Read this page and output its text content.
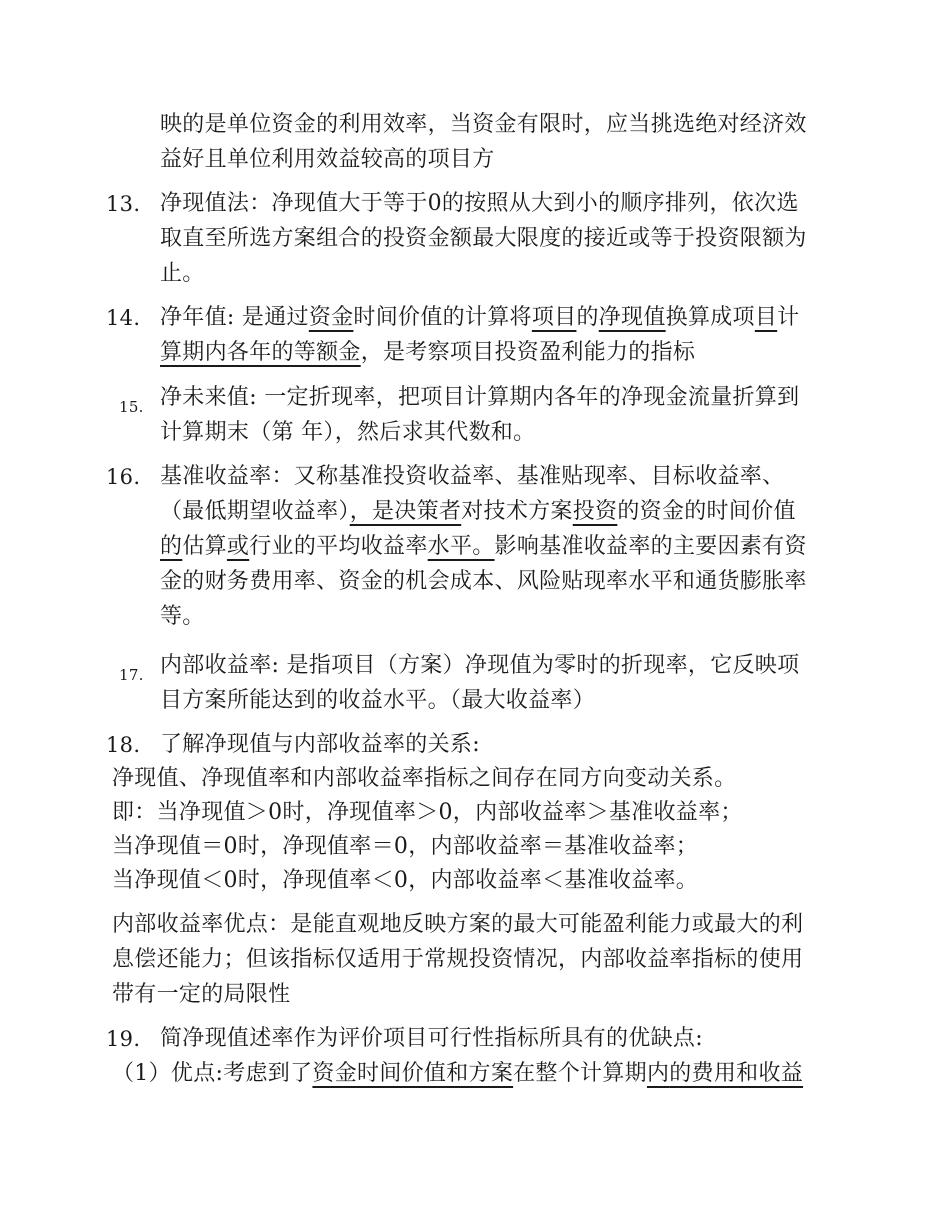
映的是单位资金的利用效率，当资金有限时，应当挑选绝对经济效
益好且单位利用效益较高的项目方
13. 净现值法：净现值大于等于0的按照从大到小的顺序排列，依次选
取直至所选方案组合的投资金额最大限度的接近或等于投资限额为
止。
14. 净年值: 是通过资金时间价值的计算将项目的净现值换算成项目计
算期内各年的等额金，是考察项目投资盈利能力的指标
15. 净未来值: 一定折现率，把项目计算期内各年的净现金流量折算到
计算期末（第 年），然后求其代数和。
16. 基准收益率：又称基准投资收益率、基准贴现率、目标收益率、
（最低期望收益率），是决策者对技术方案投资的资金的时间价值
的估算或行业的平均收益率水平。影响基准收益率的主要因素有资
金的财务费用率、资金的机会成本、风险贴现率水平和通货膨胀率
等。
17. 内部收益率: 是指项目（方案）净现值为零时的折现率，它反映项
目方案所能达到的收益水平。（最大收益率）
18. 了解净现值与内部收益率的关系:
净现值、净现值率和内部收益率指标之间存在同方向变动关系。
即：当净现值＞0时，净现值率＞0，内部收益率＞基准收益率；
当净现值＝0时，净现值率＝0，内部收益率＝基准收益率；
当净现值＜0时，净现值率＜0，内部收益率＜基准收益率。
内部收益率优点：是能直观地反映方案的最大可能盈利能力或最大的利
息偿还能力；但该指标仅适用于常规投资情况，内部收益率指标的使用
带有一定的局限性
19. 简净现值述率作为评价项目可行性指标所具有的优缺点:
（1）优点:考虑到了资金时间价值和方案在整个计算期内的费用和收益
